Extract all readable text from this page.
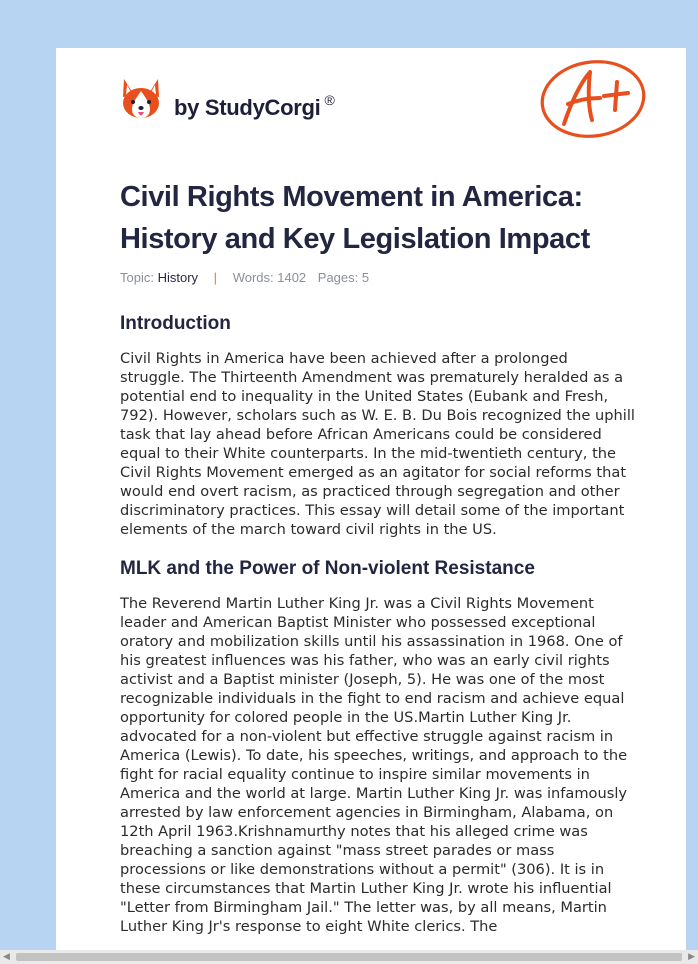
by StudyCorgi ®
Civil Rights Movement in America: History and Key Legislation Impact
Topic: History | Words: 1402 Pages: 5
Introduction

Civil Rights in America have been achieved after a prolonged struggle. The Thirteenth Amendment was prematurely heralded as a potential end to inequality in the United States (Eubank and Fresh, 792). However, scholars such as W. E. B. Du Bois recognized the uphill task that lay ahead before African Americans could be considered equal to their White counterparts. In the mid-twentieth century, the Civil Rights Movement emerged as an agitator for social reforms that would end overt racism, as practiced through segregation and other discriminatory practices. This essay will detail some of the important elements of the march toward civil rights in the US.

MLK and the Power of Non-violent Resistance

The Reverend Martin Luther King Jr. was a Civil Rights Movement leader and American Baptist Minister who possessed exceptional oratory and mobilization skills until his assassination in 1968. One of his greatest influences was his father, who was an early civil rights activist and a Baptist minister (Joseph, 5). He was one of the most recognizable individuals in the fight to end racism and achieve equal opportunity for colored people in the US.Martin Luther King Jr. advocated for a non-violent but effective struggle against racism in America (Lewis). To date, his speeches, writings, and approach to the fight for racial equality continue to inspire similar movements in America and the world at large. Martin Luther King Jr. was infamously arrested by law enforcement agencies in Birmingham, Alabama, on 12th April 1963.Krishnamurthy notes that his alleged crime was breaching a sanction against "mass street parades or mass processions or like demonstrations without a permit" (306). It is in these circumstances that Martin Luther King Jr. wrote his influential "Letter from Birmingham Jail." The letter was, by all means, Martin Luther King Jr's response to eight White clerics. The

◀	▶
